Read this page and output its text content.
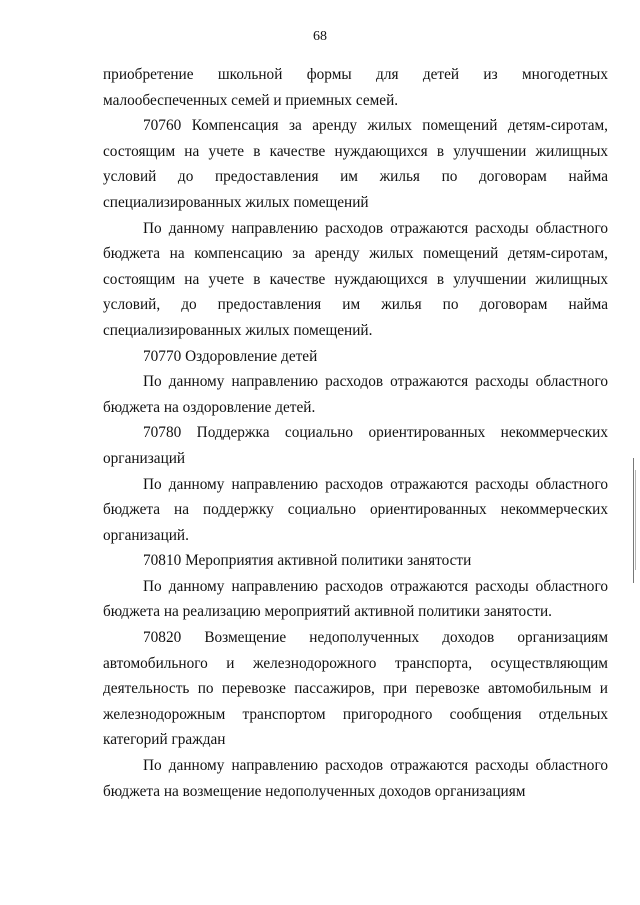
68

приобретение школьной формы для детей из многодетных малообеспеченных семей и приемных семей.

70760 Компенсация за аренду жилых помещений детям-сиротам, состоящим на учете в качестве нуждающихся в улучшении жилищных условий до предоставления им жилья по договорам найма специализированных жилых помещений

По данному направлению расходов отражаются расходы областного бюджета на компенсацию за аренду жилых помещений детям-сиротам, состоящим на учете в качестве нуждающихся в улучшении жилищных условий, до предоставления им жилья по договорам найма специализированных жилых помещений.

70770 Оздоровление детей

По данному направлению расходов отражаются расходы областного бюджета на оздоровление детей.

70780 Поддержка социально ориентированных некоммерческих организаций

По данному направлению расходов отражаются расходы областного бюджета на поддержку социально ориентированных некоммерческих организаций.

70810 Мероприятия активной политики занятости

По данному направлению расходов отражаются расходы областного бюджета на реализацию мероприятий активной политики занятости.

70820 Возмещение недополученных доходов организациям автомобильного и железнодорожного транспорта, осуществляющим деятельность по перевозке пассажиров, при перевозке автомобильным и железнодорожным транспортом пригородного сообщения отдельных категорий граждан

По данному направлению расходов отражаются расходы областного бюджета на возмещение недополученных доходов организациям
